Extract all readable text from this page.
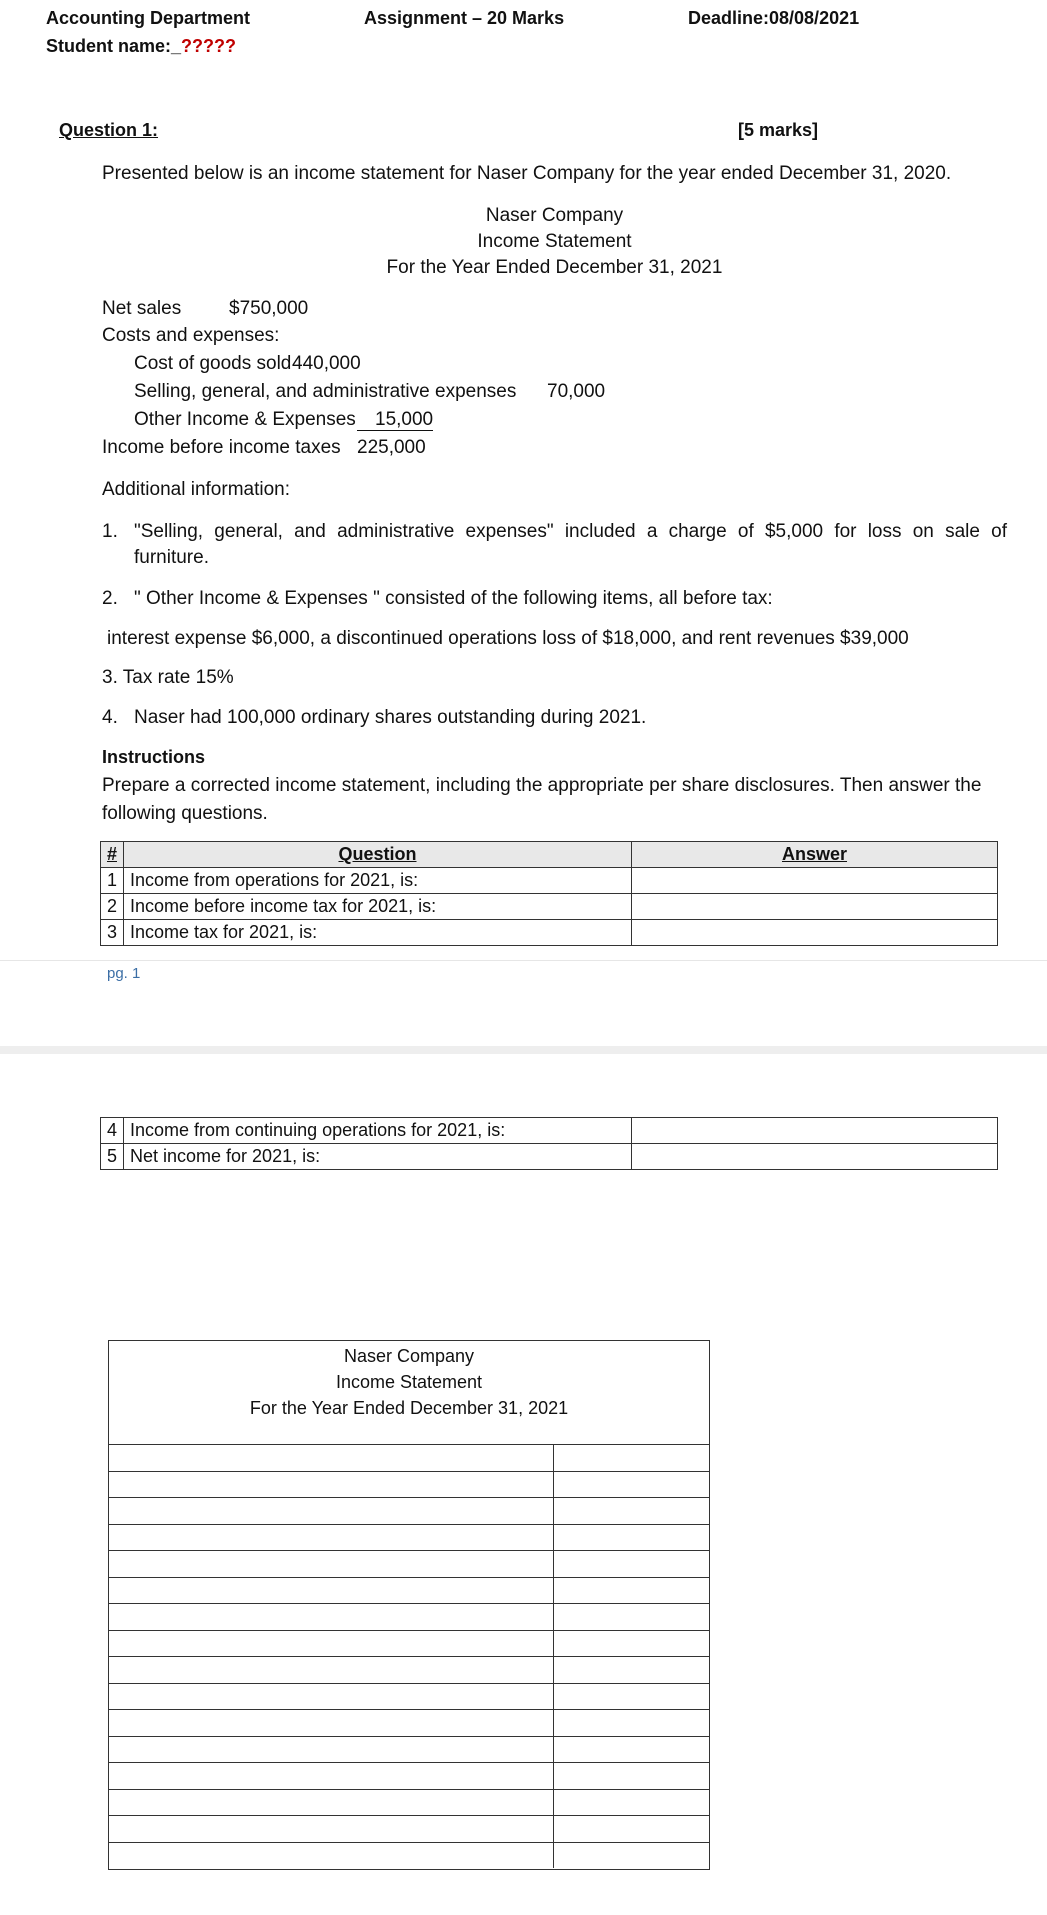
Accounting Department	Assignment – 20 Marks	Deadline:08/08/2021
Student name:_?????
Question 1:	[5 marks]
Presented below is an income statement for Naser Company for the year ended December 31, 2020.
Naser Company
Income Statement
For the Year Ended December 31, 2021
Net sales	$750,000
Costs and expenses:
Cost of goods sold 440,000
Selling, general, and administrative expenses 70,000
Other Income & Expenses	15,000
Income before income taxes 225,000
Additional information:
1. "Selling, general, and administrative expenses" included a charge of $5,000 for loss on sale of
furniture.
2. " Other Income & Expenses " consisted of the following items, all before tax:
interest expense $6,000, a discontinued operations loss of $18,000, and rent revenues $39,000
3. Tax rate 15%
4. Naser had 100,000 ordinary shares outstanding during 2021.
Instructions
Prepare a corrected income statement, including the appropriate per share disclosures. Then answer the
following questions.
#	Question	Answer
1	Income from operations for 2021, is:	
2	Income before income tax for 2021, is:	
3	Income tax for 2021, is:	
pg. 1
4	Income from continuing operations for 2021, is:	
5	Net income for 2021, is:	
Naser Company
Income Statement
For the Year Ended December 31, 2021
